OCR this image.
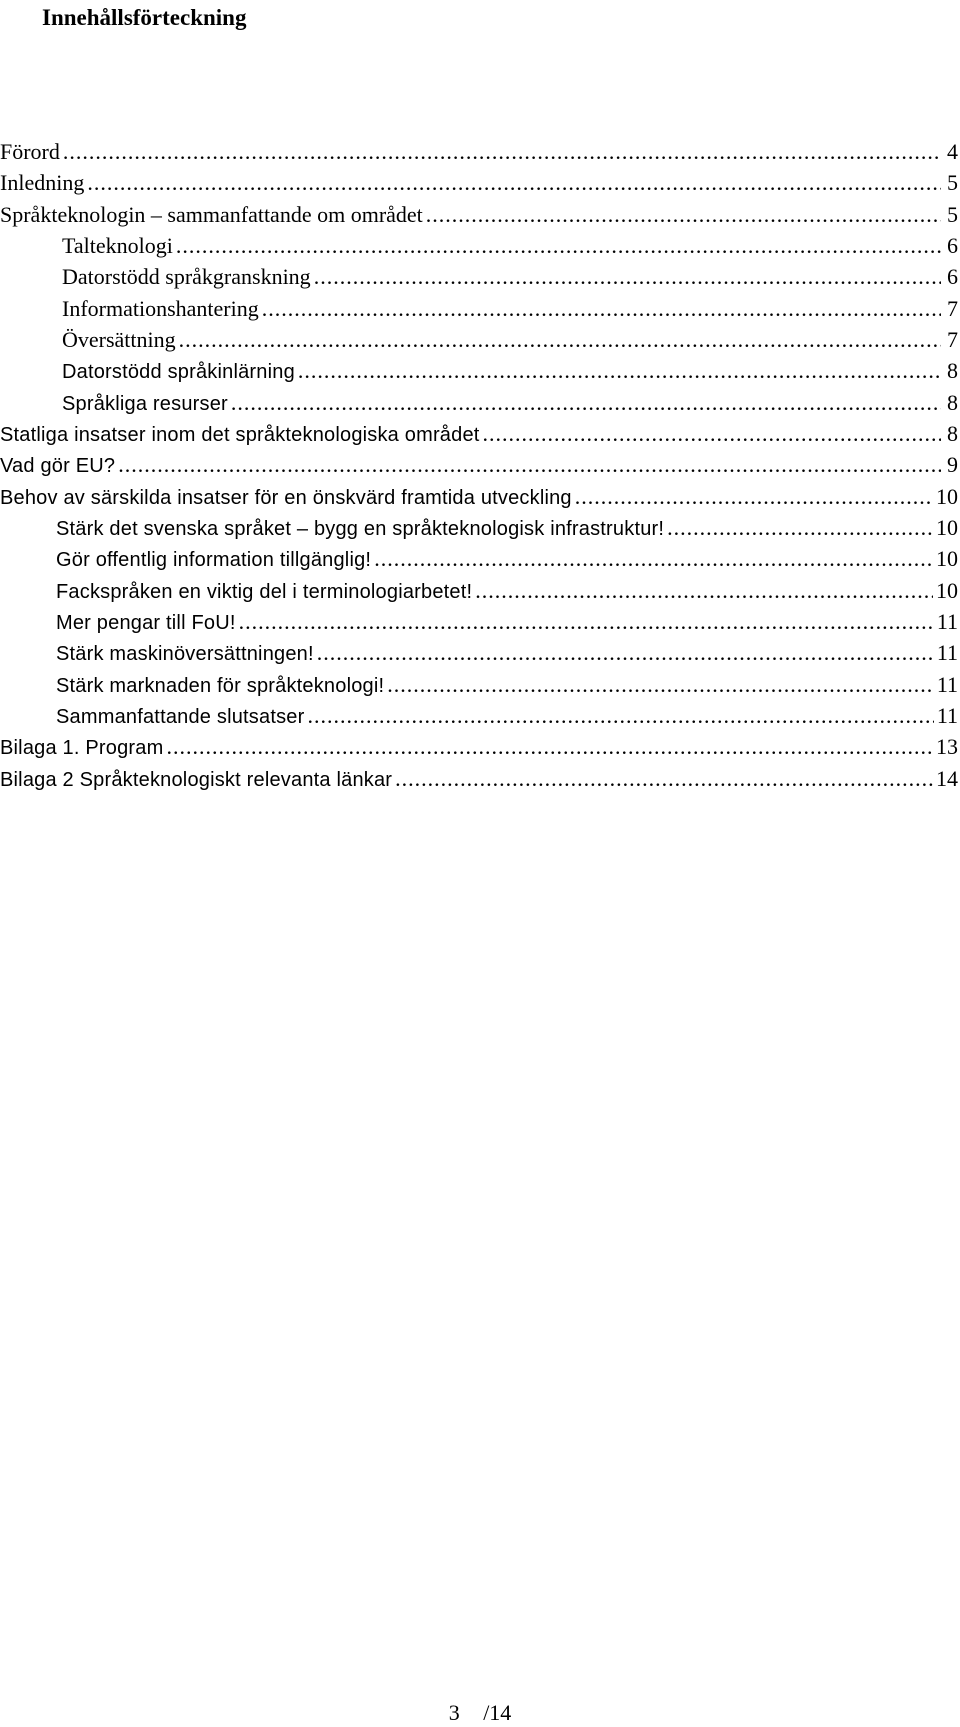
Innehållsförteckning
Förord .....	4
Inledning .....	5
Språkteknologin – sammanfattande om området .....	5
Talteknologi .....	6
Datorstödd språkgranskning .....	6
Informationshantering .....	7
Översättning .....	7
Datorstödd språkinlärning .....	8
Språkliga resurser .....	8
Statliga insatser inom det språkteknologiska området .....	8
Vad gör EU? .....	9
Behov av särskilda insatser för en önskvärd framtida utveckling .....	10
Stärk det svenska språket – bygg en språkteknologisk infrastruktur! .....	10
Gör offentlig information tillgänglig! .....	10
Fackspråken en viktig del i terminologiarbetet! .....	10
Mer pengar till FoU! .....	11
Stärk maskinöversättningen! .....	11
Stärk marknaden för språkteknologi! .....	11
Sammanfattande slutsatser .....	11
Bilaga 1. Program .....	13
Bilaga 2 Språkteknologiskt relevanta länkar .....	14
3 /14
